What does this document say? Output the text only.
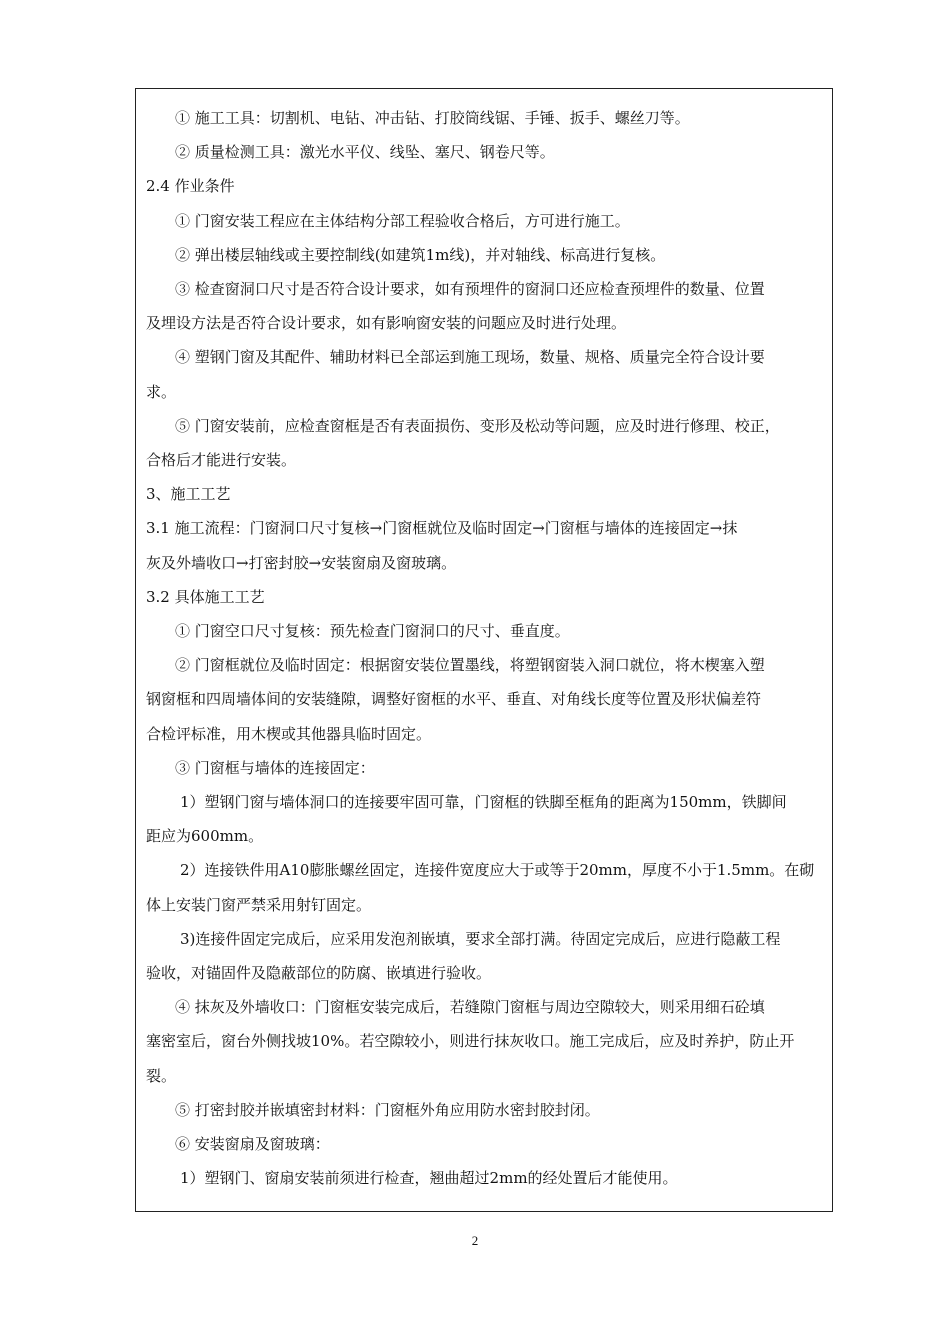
① 施工工具：切割机、电钻、冲击钻、打胶筒线锯、手锤、扳手、螺丝刀等。
② 质量检测工具：激光水平仪、线坠、塞尺、钢卷尺等。
2.4 作业条件
① 门窗安装工程应在主体结构分部工程验收合格后，方可进行施工。
② 弹出楼层轴线或主要控制线(如建筑1m线)，并对轴线、标高进行复核。
③ 检查窗洞口尺寸是否符合设计要求，如有预埋件的窗洞口还应检查预埋件的数量、位置
及埋设方法是否符合设计要求，如有影响窗安装的问题应及时进行处理。
④ 塑钢门窗及其配件、辅助材料已全部运到施工现场，数量、规格、质量完全符合设计要
求。
⑤ 门窗安装前，应检查窗框是否有表面损伤、变形及松动等问题，应及时进行修理、校正，
合格后才能进行安装。
3、施工工艺
3.1 施工流程：门窗洞口尺寸复核→门窗框就位及临时固定→门窗框与墙体的连接固定→抹
灰及外墙收口→打密封胶→安装窗扇及窗玻璃。
3.2 具体施工工艺
① 门窗空口尺寸复核：预先检查门窗洞口的尺寸、垂直度。
② 门窗框就位及临时固定：根据窗安装位置墨线，将塑钢窗装入洞口就位，将木楔塞入塑
钢窗框和四周墙体间的安装缝隙，调整好窗框的水平、垂直、对角线长度等位置及形状偏差符
合检评标准，用木楔或其他器具临时固定。
③ 门窗框与墙体的连接固定：
1）塑钢门窗与墙体洞口的连接要牢固可靠，门窗框的铁脚至框角的距离为150mm，铁脚间
距应为600mm。
2）连接铁件用A10膨胀螺丝固定，连接件宽度应大于或等于20mm，厚度不小于1.5mm。在砌
体上安装门窗严禁采用射钉固定。
3)连接件固定完成后，应采用发泡剂嵌填，要求全部打满。待固定完成后，应进行隐蔽工程
验收，对锚固件及隐蔽部位的防腐、嵌填进行验收。
④ 抹灰及外墙收口：门窗框安装完成后，若缝隙门窗框与周边空隙较大，则采用细石砼填
塞密室后，窗台外侧找坡10%。若空隙较小，则进行抹灰收口。施工完成后，应及时养护，防止开
裂。
⑤ 打密封胶并嵌填密封材料：门窗框外角应用防水密封胶封闭。
⑥ 安装窗扇及窗玻璃：
1）塑钢门、窗扇安装前须进行检查，翘曲超过2mm的经处置后才能使用。
2
